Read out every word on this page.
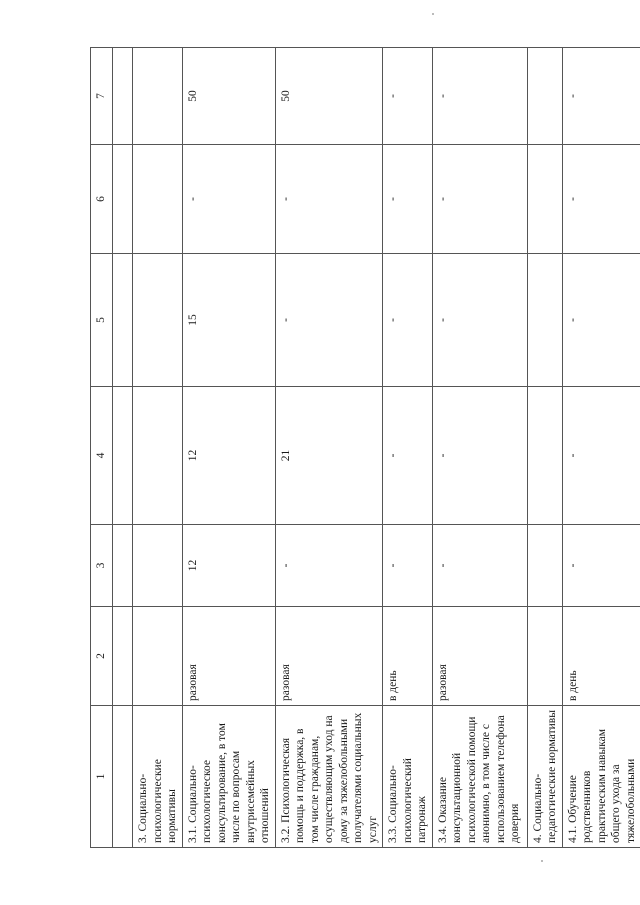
1	2	3	4	5	6	7

3. Социально-психологические нормативы						
3.1. Социально-психологическое консультирование, в том числе по вопросам внутрисемейных отношений	разовая	12	12	15	-	50
3.2. Психологическая помощь и поддержка, в том числе гражданам, осуществляющим уход на дому за тяжелобольными получателями социальных услуг	разовая	-	21	-	-	50
3.3. Социально-психологический патронаж	в день	-	-	-	-	-
3.4. Оказание консультационной психологической помощи анонимно, в том числе с использованием телефона доверия	разовая	-	-	-	-	-
4. Социально-педагогические нормативы						
4.1. Обучение родственников практическим навыкам общего ухода за тяжелобольными	в день	-	-	-	-	-
